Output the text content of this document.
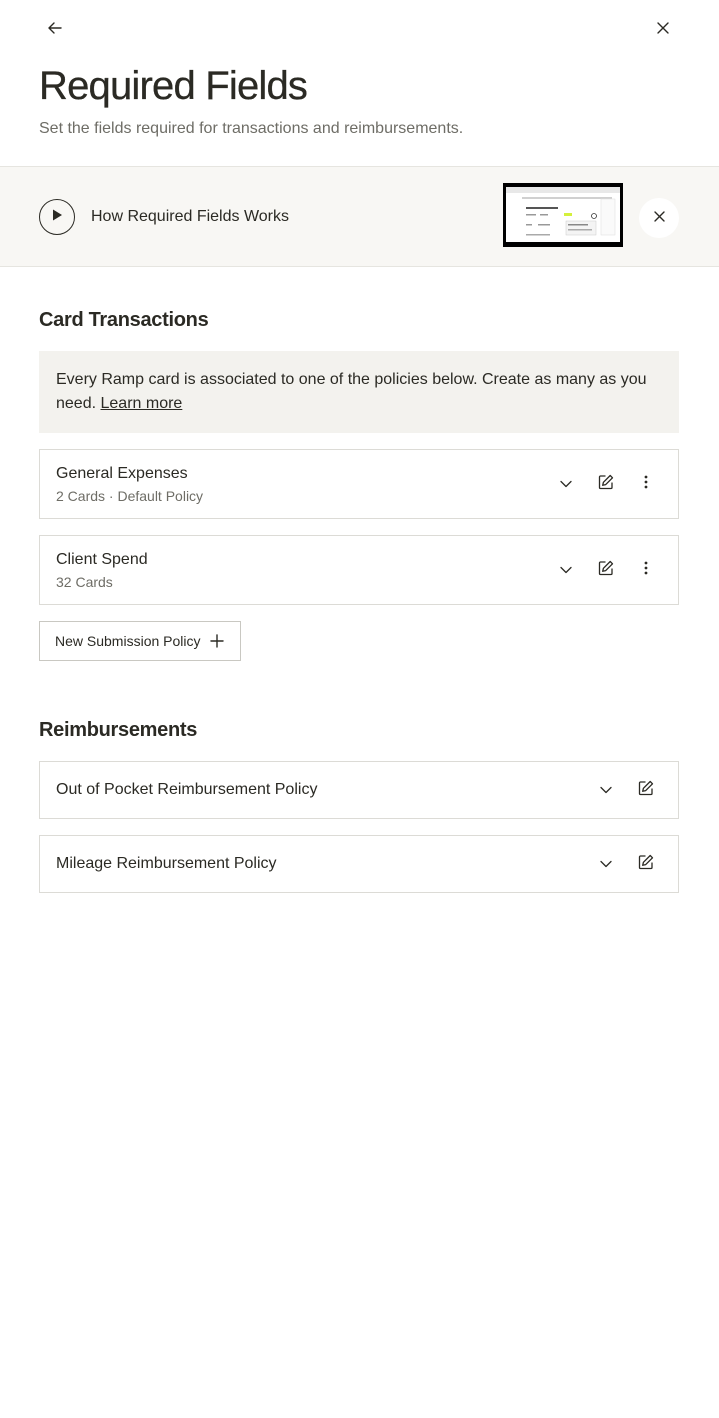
Required Fields

Set the fields required for transactions and reimbursements.

How Required Fields Works
Card Transactions
Every Ramp card is associated to one of the policies below. Create as many as you need. Learn more
General Expenses
2 Cards · Default Policy
Client Spend
32 Cards
New Submission Policy
Reimbursements
Out of Pocket Reimbursement Policy
Mileage Reimbursement Policy
